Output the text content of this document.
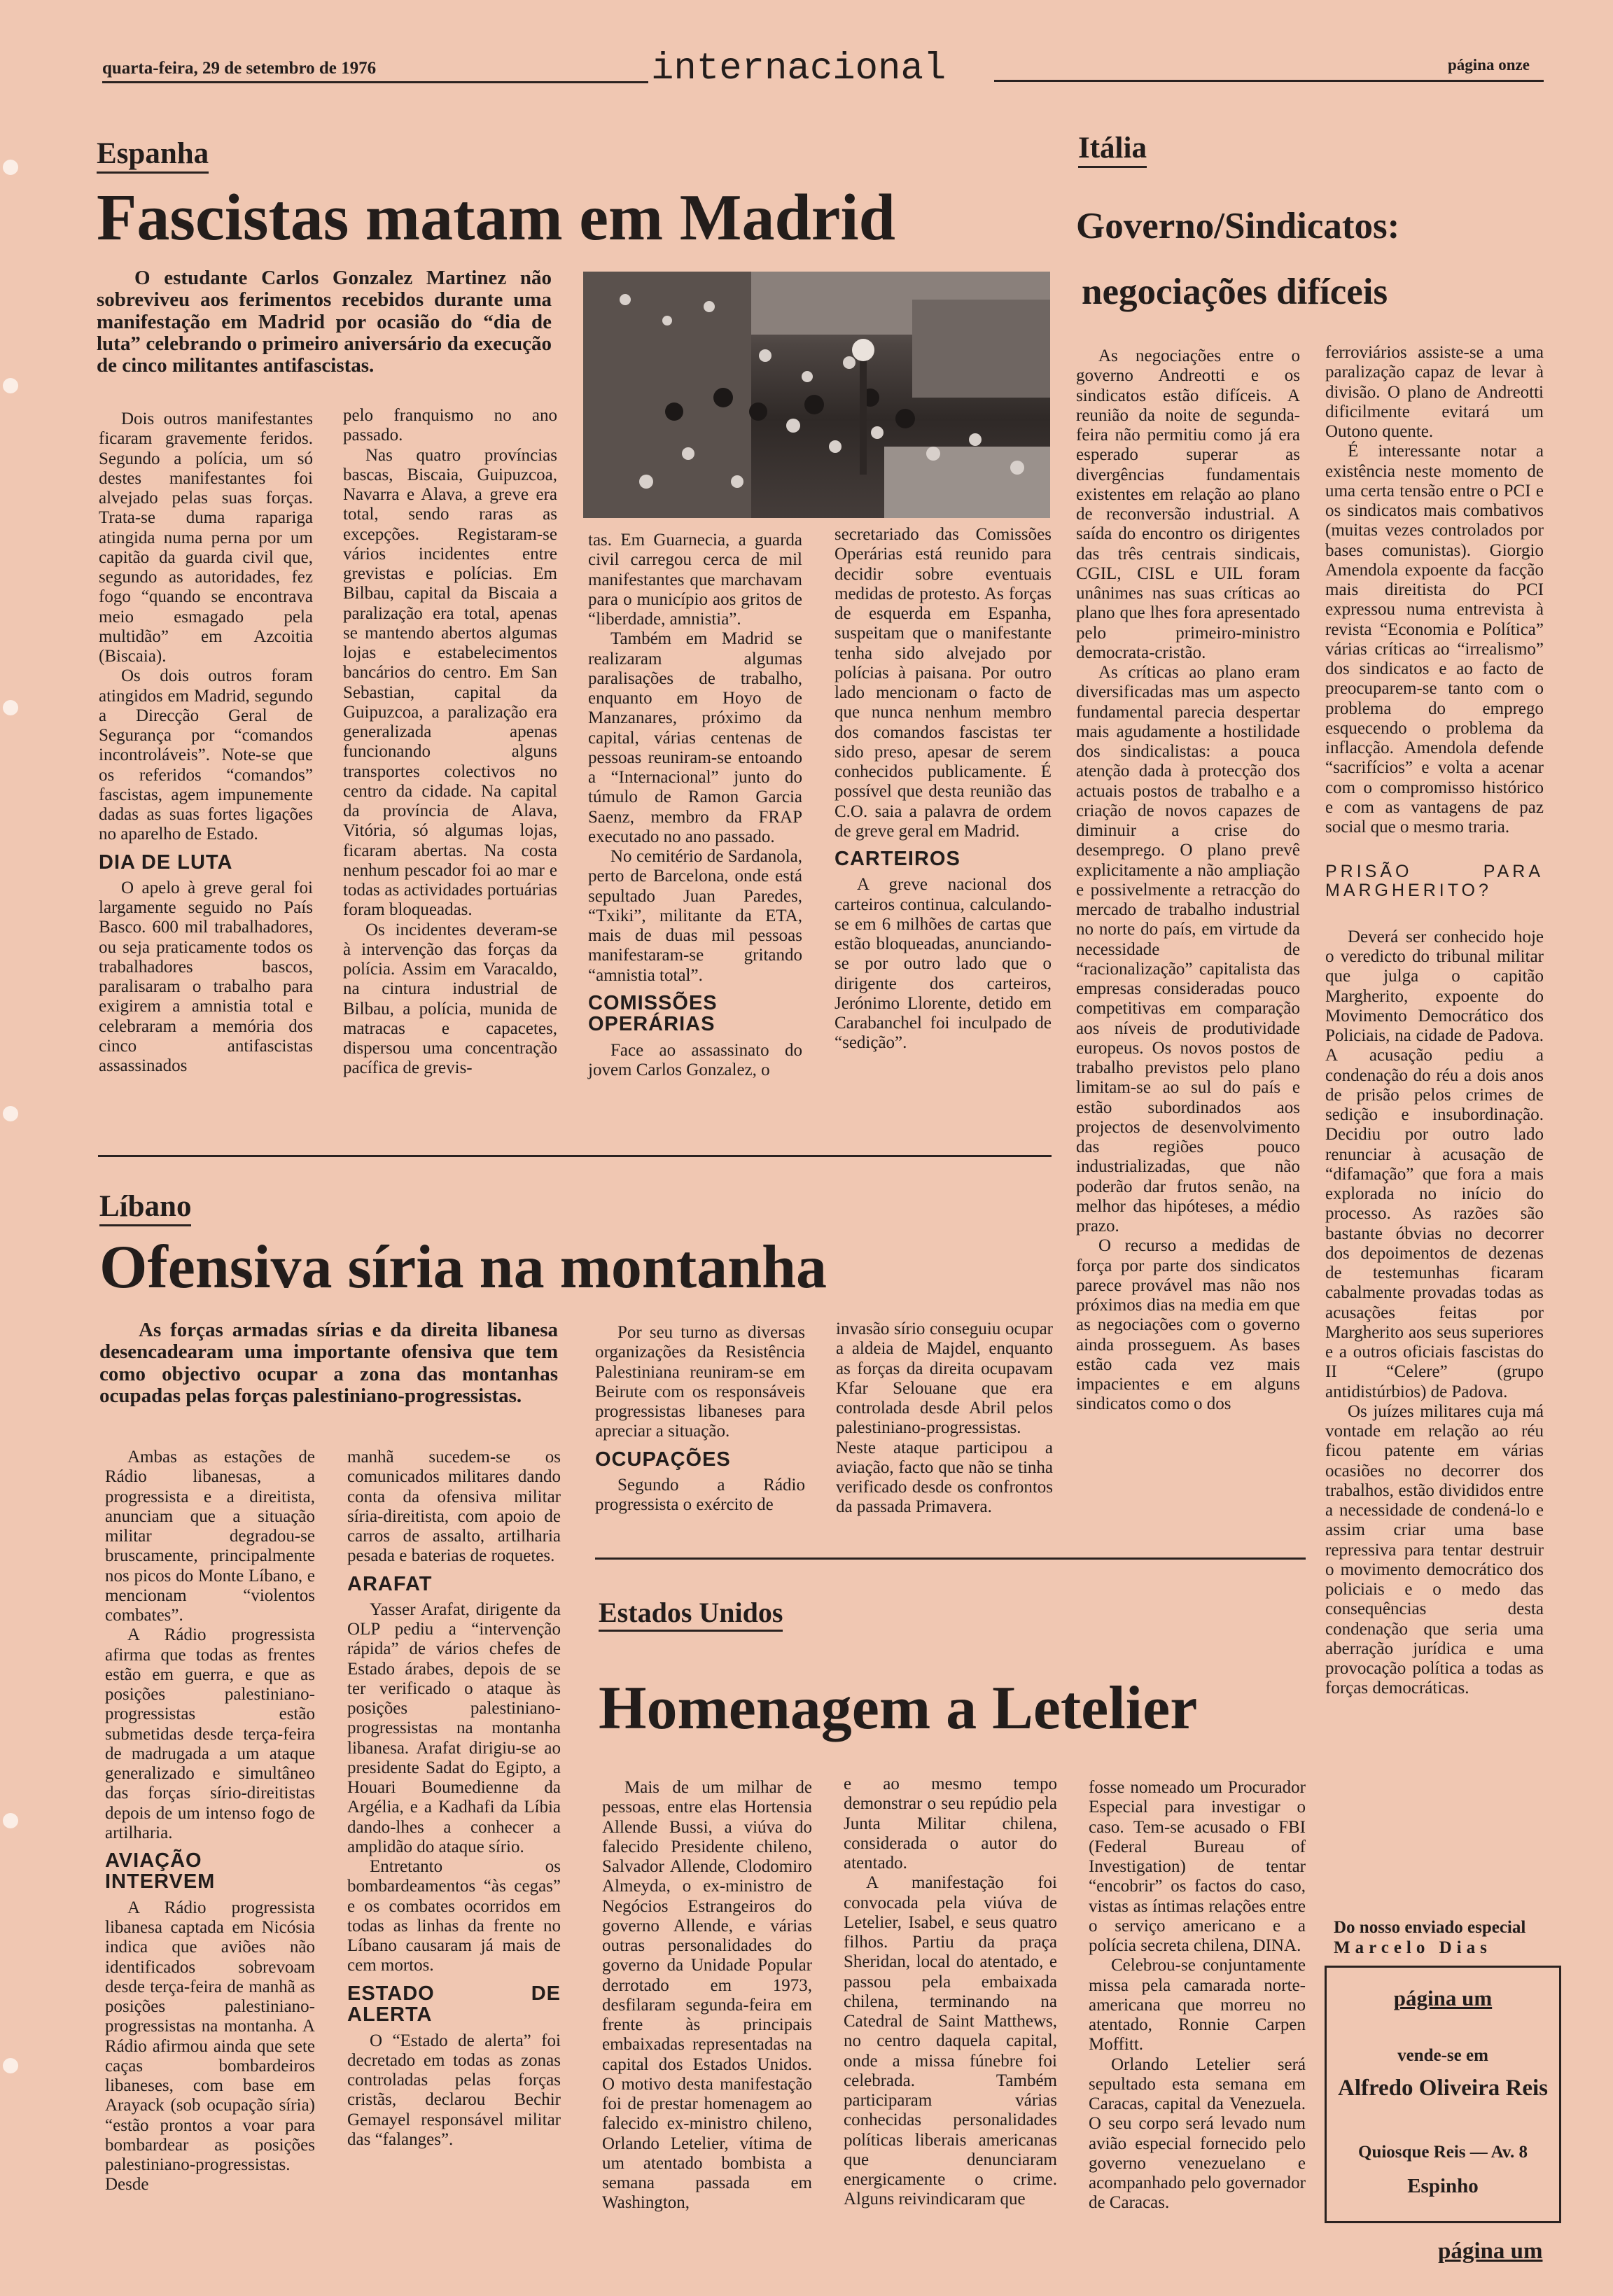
quarta-feira, 29 de setembro de 1976	internacional	página onze
Espanha
Fascistas matam em Madrid
O estudante Carlos Gonzalez Martinez não sobreviveu aos ferimentos recebidos durante uma manifestação em Madrid por ocasião do “dia de luta” celebrando o primeiro aniversário da execução de cinco militantes antifascistas.

Dois outros manifestantes ficaram gravemente feridos. Segundo a polícia, um só destes manifestantes foi alvejado pelas suas forças. Trata-se duma rapariga atingida numa perna por um capitão da guarda civil que, segundo as autoridades, fez fogo “quando se encontrava meio esmagado pela multidão” em Azcoitia (Biscaia).

Os dois outros foram atingidos em Madrid, segundo a Direcção Geral de Segurança por “comandos incontroláveis”. Note-se que os referidos “comandos” fascistas, agem impunemente dadas as suas fortes ligações no aparelho de Estado.

DIA DE LUTA

O apelo à greve geral foi largamente seguido no País Basco. 600 mil trabalhadores, ou seja praticamente todos os trabalhadores bascos, paralisaram o trabalho para exigirem a amnistia total e celebraram a memória dos cinco antifascistas assassinados

pelo franquismo no ano passado.

Nas quatro províncias bascas, Biscaia, Guipuzcoa, Navarra e Alava, a greve era total, sendo raras as excepções. Registaram-se vários incidentes entre grevistas e polícias. Em Bilbau, capital da Biscaia a paralização era total, apenas se mantendo abertos algumas lojas e estabelecimentos bancários do centro. Em San Sebastian, capital da Guipuzcoa, a paralização era generalizada apenas funcionando alguns transportes colectivos no centro da cidade. Na capital da província de Alava, Vitória, só algumas lojas, ficaram abertas. Na costa nenhum pescador foi ao mar e todas as actividades portuárias foram bloqueadas.

Os incidentes deveram-se à intervenção das forças da polícia. Assim em Varacaldo, na cintura industrial de Bilbau, a polícia, munida de matracas e capacetes, dispersou uma concentração pacífica de grevis-

tas. Em Guarnecia, a guarda civil carregou cerca de mil manifestantes que marchavam para o município aos gritos de “liberdade, amnistia”.

Também em Madrid se realizaram algumas paralisações de trabalho, enquanto em Hoyo de Manzanares, próximo da capital, várias centenas de pessoas reuniram-se entoando a “Internacional” junto do túmulo de Ramon Garcia Saenz, membro da FRAP executado no ano passado.

No cemitério de Sardanola, perto de Barcelona, onde está sepultado Juan Paredes, “Txiki”, militante da ETA, mais de duas mil pessoas manifestaram-se gritando “amnistia total”.

COMISSÕES OPERÁRIAS

Face ao assassinato do jovem Carlos Gonzalez, o

secretariado das Comissões Operárias está reunido para decidir sobre eventuais medidas de protesto. As forças de esquerda em Espanha, suspeitam que o manifestante tenha sido alvejado por polícias à paisana. Por outro lado mencionam o facto de que nunca nenhum membro dos comandos fascistas ter sido preso, apesar de serem conhecidos publicamente. É possível que desta reunião das C.O. saia a palavra de ordem de greve geral em Madrid.

CARTEIROS

A greve nacional dos carteiros continua, calculando-se em 6 milhões de cartas que estão bloqueadas, anunciando-se por outro lado que o dirigente dos carteiros, Jerónimo Llorente, detido em Carabanchel foi inculpado de “sedição”.

Itália
Governo/Sindicatos:
negociações difíceis

As negociações entre o governo Andreotti e os sindicatos estão difíceis. A reunião da noite de segunda-feira não permitiu como já era esperado superar as divergências fundamentais existentes em relação ao plano de reconversão industrial. A saída do encontro os dirigentes das três centrais sindicais, CGIL, CISL e UIL foram unânimes nas suas críticas ao plano que lhes fora apresentado pelo primeiro-ministro democrata-cristão.

As críticas ao plano eram diversificadas mas um aspecto fundamental parecia despertar mais agudamente a hostilidade dos sindicalistas: a pouca atenção dada à protecção dos actuais postos de trabalho e a criação de novos capazes de diminuir a crise do desemprego. O plano prevê explicitamente a não ampliação e possivelmente a retracção do mercado de trabalho industrial no norte do país, em virtude da necessidade de “racionalização” capitalista das empresas consideradas pouco competitivas em comparação aos níveis de produtividade europeus. Os novos postos de trabalho previstos pelo plano limitam-se ao sul do país e estão subordinados aos projectos de desenvolvimento das regiões pouco industrializadas, que não poderão dar frutos senão, na melhor das hipóteses, a médio prazo.

O recurso a medidas de força por parte dos sindicatos parece provável mas não nos próximos dias na media em que as negociações com o governo ainda prosseguem. As bases estão cada vez mais impacientes e em alguns sindicatos como o dos

ferroviários assiste-se a uma paralização capaz de levar à divisão. O plano de Andreotti dificilmente evitará um Outono quente.

É interessante notar a existência neste momento de uma certa tensão entre o PCI e os sindicatos mais combativos (muitas vezes controlados por bases comunistas). Giorgio Amendola expoente da facção mais direitista do PCI expressou numa entrevista à revista “Economia e Política” várias críticas ao “irrealismo” dos sindicatos e ao facto de preocuparem-se tanto com o problema do emprego esquecendo o problema da inflacção. Amendola defende “sacrifícios” e volta a acenar com o compromisso histórico e com as vantagens de paz social que o mesmo traria.

PRISÃO PARA MARGHERITO?

Deverá ser conhecido hoje o veredicto do tribunal militar que julga o capitão Margherito, expoente do Movimento Democrático dos Policiais, na cidade de Padova. A acusação pediu a condenação do réu a dois anos de prisão pelos crimes de sedição e insubordinação. Decidiu por outro lado renunciar à acusação de “difamação” que fora a mais explorada no início do processo. As razões são bastante óbvias no decorrer dos depoimentos de dezenas de testemunhas ficaram cabalmente provadas todas as acusações feitas por Margherito aos seus superiores e a outros oficiais fascistas do II “Celere” (grupo antidistúrbios) de Padova.

Os juízes militares cuja má vontade em relação ao réu ficou patente em várias ocasiões no decorrer dos trabalhos, estão divididos entre a necessidade de condená-lo e assim criar uma base repressiva para tentar destruir o movimento democrático dos policiais e o medo das consequências desta condenação que seria uma aberração jurídica e uma provocação política a todas as forças democráticas.

Do nosso enviado especial
Marcelo Dias
página um
vende-se em
Alfredo Oliveira Reis
Quiosque Reis — Av. 8
Espinho
página um
Líbano
Ofensiva síria na montanha
As forças armadas sírias e da direita libanesa desencadearam uma importante ofensiva que tem como objectivo ocupar a zona das montanhas ocupadas pelas forças palestiniano-progressistas.

Ambas as estações de Rádio libanesas, a progressista e a direitista, anunciam que a situação militar degradou-se bruscamente, principalmente nos picos do Monte Líbano, e mencionam “violentos combates”.

A Rádio progressista afirma que todas as frentes estão em guerra, e que as posições palestiniano-progressistas estão submetidas desde terça-feira de madrugada a um ataque generalizado e simultâneo das forças sírio-direitistas depois de um intenso fogo de artilharia.

AVIAÇÃO INTERVEM

A Rádio progressista libanesa captada em Nicósia indica que aviões não identificados sobrevoam desde terça-feira de manhã as posições palestiniano-progressistas na montanha. A Rádio afirmou ainda que sete caças bombardeiros libaneses, com base em Arayack (sob ocupação síria) “estão prontos a voar para bombardear as posições palestiniano-progressistas. Desde

manhã sucedem-se os comunicados militares dando conta da ofensiva militar síria-direitista, com apoio de carros de assalto, artilharia pesada e baterias de roquetes.

ARAFAT

Yasser Arafat, dirigente da OLP pediu a “intervenção rápida” de vários chefes de Estado árabes, depois de se ter verificado o ataque às posições palestiniano-progressistas na montanha libanesa. Arafat dirigiu-se ao presidente Sadat do Egipto, a Houari Boumedienne da Argélia, e a Kadhafi da Líbia dando-lhes a conhecer a amplidão do ataque sírio.

Entretanto os bombardeamentos “às cegas” e os combates ocorridos em todas as linhas da frente no Líbano causaram já mais de cem mortos.

ESTADO DE ALERTA

O “Estado de alerta” foi decretado em todas as zonas controladas pelas forças cristãs, declarou Bechir Gemayel responsável militar das “falanges”.

Por seu turno as diversas organizações da Resistência Palestiniana reuniram-se em Beirute com os responsáveis progressistas libaneses para apreciar a situação.

OCUPAÇÕES

Segundo a Rádio progressista o exército de

invasão sírio conseguiu ocupar a aldeia de Majdel, enquanto as forças da direita ocupavam Kfar Selouane que era controlada desde Abril pelos palestiniano-progressistas. Neste ataque participou a aviação, facto que não se tinha verificado desde os confrontos da passada Primavera.

Estados Unidos
Homenagem a Letelier

Mais de um milhar de pessoas, entre elas Hortensia Allende Bussi, a viúva do falecido Presidente chileno, Salvador Allende, Clodomiro Almeyda, o ex-ministro de Negócios Estrangeiros do governo Allende, e várias outras personalidades do governo da Unidade Popular derrotado em 1973, desfilaram segunda-feira em frente às principais embaixadas representadas na capital dos Estados Unidos. O motivo desta manifestação foi de prestar homenagem ao falecido ex-ministro chileno, Orlando Letelier, vítima de um atentado bombista a semana passada em Washington,

e ao mesmo tempo demonstrar o seu repúdio pela Junta Militar chilena, considerada o autor do atentado.

A manifestação foi convocada pela viúva de Letelier, Isabel, e seus quatro filhos. Partiu da praça Sheridan, local do atentado, e passou pela embaixada chilena, terminando na Catedral de Saint Matthews, no centro daquela capital, onde a missa fúnebre foi celebrada. Também participaram várias conhecidas personalidades políticas liberais americanas que denunciaram energicamente o crime. Alguns reivindicaram que

fosse nomeado um Procurador Especial para investigar o caso. Tem-se acusado o FBI (Federal Bureau of Investigation) de tentar “encobrir” os factos do caso, vistas as íntimas relações entre o serviço americano e a polícia secreta chilena, DINA.

Celebrou-se conjuntamente missa pela camarada norte-americana que morreu no atentado, Ronnie Carpen Moffitt.

Orlando Letelier será sepultado esta semana em Caracas, capital da Venezuela. O seu corpo será levado num avião especial fornecido pelo governo venezuelano e acompanhado pelo governador de Caracas.
